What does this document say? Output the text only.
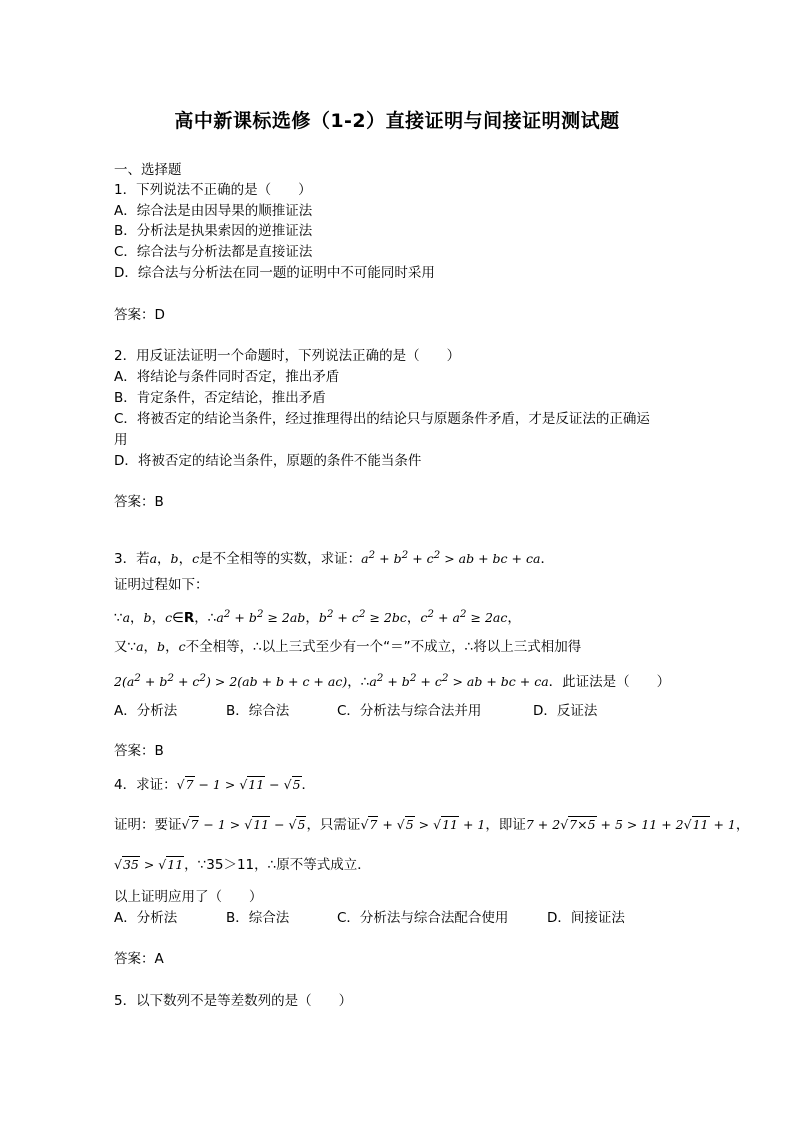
高中新课标选修（1-2）直接证明与间接证明测试题
一、选择题
1．下列说法不正确的是（　　）
A．综合法是由因导果的顺推证法
B．分析法是执果索因的逆推证法
C．综合法与分析法都是直接证法
D．综合法与分析法在同一题的证明中不可能同时采用
答案：D
2．用反证法证明一个命题时，下列说法正确的是（　　）
A．将结论与条件同时否定，推出矛盾
B．肯定条件，否定结论，推出矛盾
C．将被否定的结论当条件，经过推理得出的结论只与原题条件矛盾，才是反证法的正确运
用
D．将被否定的结论当条件，原题的条件不能当条件
答案：B
3．若a，b，c是不全相等的实数，求证：$a^2 + b^2 + c^2$ > ab + bc + ca．
证明过程如下：
∵a，b，c∈R，$\therefore a^2 + b^2 \ge 2ab$，$b^2 + c^2 \ge 2bc$，$c^2 + a^2 \ge 2ac$，
又∵a，b，c不全相等，∴以上三式至少有一个“＝”不成立，∴将以上三式相加得
$2(a^2 + b^2 + c^2) > 2(ab + b + c + ac)$，$\therefore a^2 + b^2 + c^2$ > ab + bc + ca．此证法是（　　）
A．分析法	B．综合法	C．分析法与综合法并用	D．反证法
答案：B
4．求证：√7 − 1 > √11 − √5．
证明：要证√7 − 1 > √11 − √5，只需证√7 + √5 > √11 + 1，即证7 + 2√7×5 + 5 > 11 + 2√11 + 1，
√35 > √11，∵35＞11，∴原不等式成立．
以上证明应用了（　　）
A．分析法	B．综合法	C．分析法与综合法配合使用	D．间接证法
答案：A
5．以下数列不是等差数列的是（　　）
